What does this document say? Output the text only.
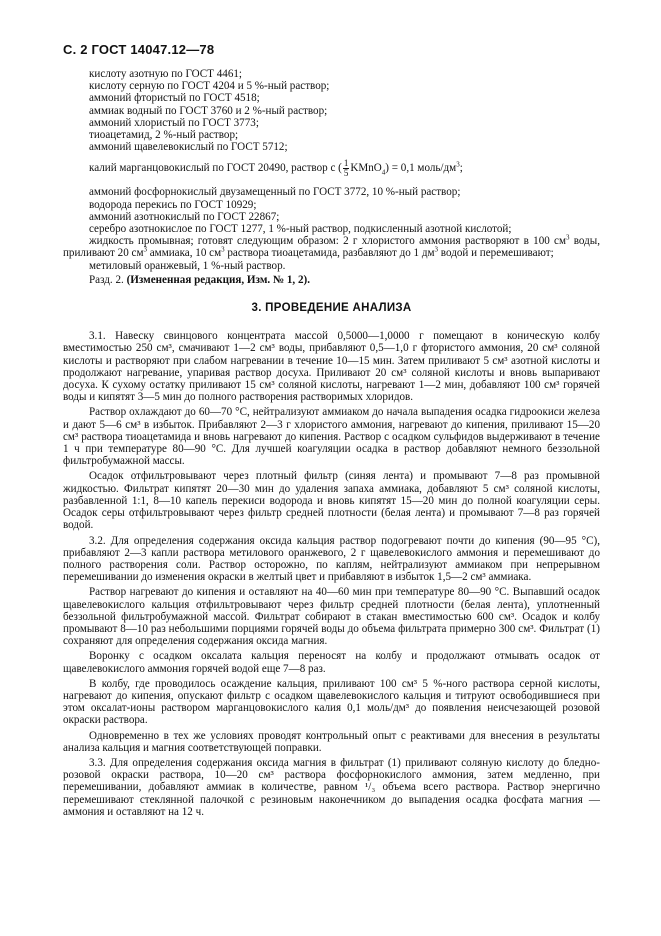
С. 2 ГОСТ 14047.12—78
кислоту азотную по ГОСТ 4461;
кислоту серную по ГОСТ 4204 и 5 %-ный раствор;
аммоний фтористый по ГОСТ 4518;
аммиак водный по ГОСТ 3760 и 2 %-ный раствор;
аммоний хлористый по ГОСТ 3773;
тиоацетамид, 2 %-ный раствор;
аммоний щавелевокислый по ГОСТ 5712;
калий марганцовокислый по ГОСТ 20490, раствор с ( $\frac{1}{5}$ KMnO$_4$) = 0,1 моль/$дм^3$;
аммоний фосфорнокислый двузамещенный по ГОСТ 3772, 10 %-ный раствор;
водорода перекись по ГОСТ 10929;
аммоний азотнокислый по ГОСТ 22867;
серебро азотнокислое по ГОСТ 1277, 1 %-ный раствор, подкисленный азотной кислотой;
жидкость промывная; готовят следующим образом: 2 г хлористого аммония растворяют в 100 $см^3$ воды, приливают 20 $см^3$ аммиака, 10 $см^3$ раствора тиоацетамида, разбавляют до 1 $дм^3$ водой и перемешивают;
метиловый оранжевый, 1 %-ный раствор.
Разд. 2. (Измененная редакция, Изм. № 1, 2).
3. ПРОВЕДЕНИЕ АНАЛИЗА
3.1. Навеску свинцового концентрата массой 0,5000—1,0000 г помещают в коническую колбу вместимостью 250 см³, смачивают 1—2 см³ воды, прибавляют 0,5—1,0 г фтористого аммония, 20 см³ соляной кислоты и растворяют при слабом нагревании в течение 10—15 мин. Затем приливают 5 см³ азотной кислоты и продолжают нагревание, упаривая раствор досуха. Приливают 20 см³ соляной кислоты и вновь выпаривают досуха. К сухому остатку приливают 15 см³ соляной кислоты, нагревают 1—2 мин, добавляют 100 см³ горячей воды и кипятят 3—5 мин до полного растворения растворимых хлоридов.
Раствор охлаждают до 60—70 °С, нейтрализуют аммиаком до начала выпадения осадка гидроокиси железа и дают 5—6 см³ в избыток. Прибавляют 2—3 г хлористого аммония, нагревают до кипения, приливают 15—20 см³ раствора тиоацетамида и вновь нагревают до кипения. Раствор с осадком сульфидов выдерживают в течение 1 ч при температуре 80—90 °С. Для лучшей коагуляции осадка в раствор добавляют немного беззольной фильтробумажной массы.
Осадок отфильтровывают через плотный фильтр (синяя лента) и промывают 7—8 раз промывной жидкостью. Фильтрат кипятят 20—30 мин до удаления запаха аммиака, добавляют 5 см³ соляной кислоты, разбавленной 1:1, 8—10 капель перекиси водорода и вновь кипятят 15—20 мин до полной коагуляции серы. Осадок серы отфильтровывают через фильтр средней плотности (белая лента) и промывают 7—8 раз горячей водой.
3.2. Для определения содержания оксида кальция раствор подогревают почти до кипения (90—95 °С), прибавляют 2—3 капли раствора метилового оранжевого, 2 г щавелевокислого аммония и перемешивают до полного растворения соли. Раствор осторожно, по каплям, нейтрализуют аммиаком при непрерывном перемешивании до изменения окраски в желтый цвет и прибавляют в избыток 1,5—2 см³ аммиака.
Раствор нагревают до кипения и оставляют на 40—60 мин при температуре 80—90 °С. Выпавший осадок щавелевокислого кальция отфильтровывают через фильтр средней плотности (белая лента), уплотненный беззольной фильтробумажной массой. Фильтрат собирают в стакан вместимостью 600 см³. Осадок и колбу промывают 8—10 раз небольшими порциями горячей воды до объема фильтрата примерно 300 см³. Фильтрат (1) сохраняют для определения содержания оксида магния.
Воронку с осадком оксалата кальция переносят на колбу и продолжают отмывать осадок от щавелевокислого аммония горячей водой еще 7—8 раз.
В колбу, где проводилось осаждение кальция, приливают 100 см³ 5 %-ного раствора серной кислоты, нагревают до кипения, опускают фильтр с осадком щавелевокислого кальция и титруют освободившиеся при этом оксалат-ионы раствором марганцовокислого калия 0,1 моль/дм³ до появления неисчезающей розовой окраски раствора.
Одновременно в тех же условиях проводят контрольный опыт с реактивами для внесения в результаты анализа кальция и магния соответствующей поправки.
3.3. Для определения содержания оксида магния в фильтрат (1) приливают соляную кислоту до бледно-розовой окраски раствора, 10—20 см³ раствора фосфорнокислого аммония, затем медленно, при перемешивании, добавляют аммиак в количестве, равном ¹/₃ объема всего раствора. Раствор энергично перемешивают стеклянной палочкой с резиновым наконечником до выпадения осадка фосфата магния — аммония и оставляют на 12 ч.
